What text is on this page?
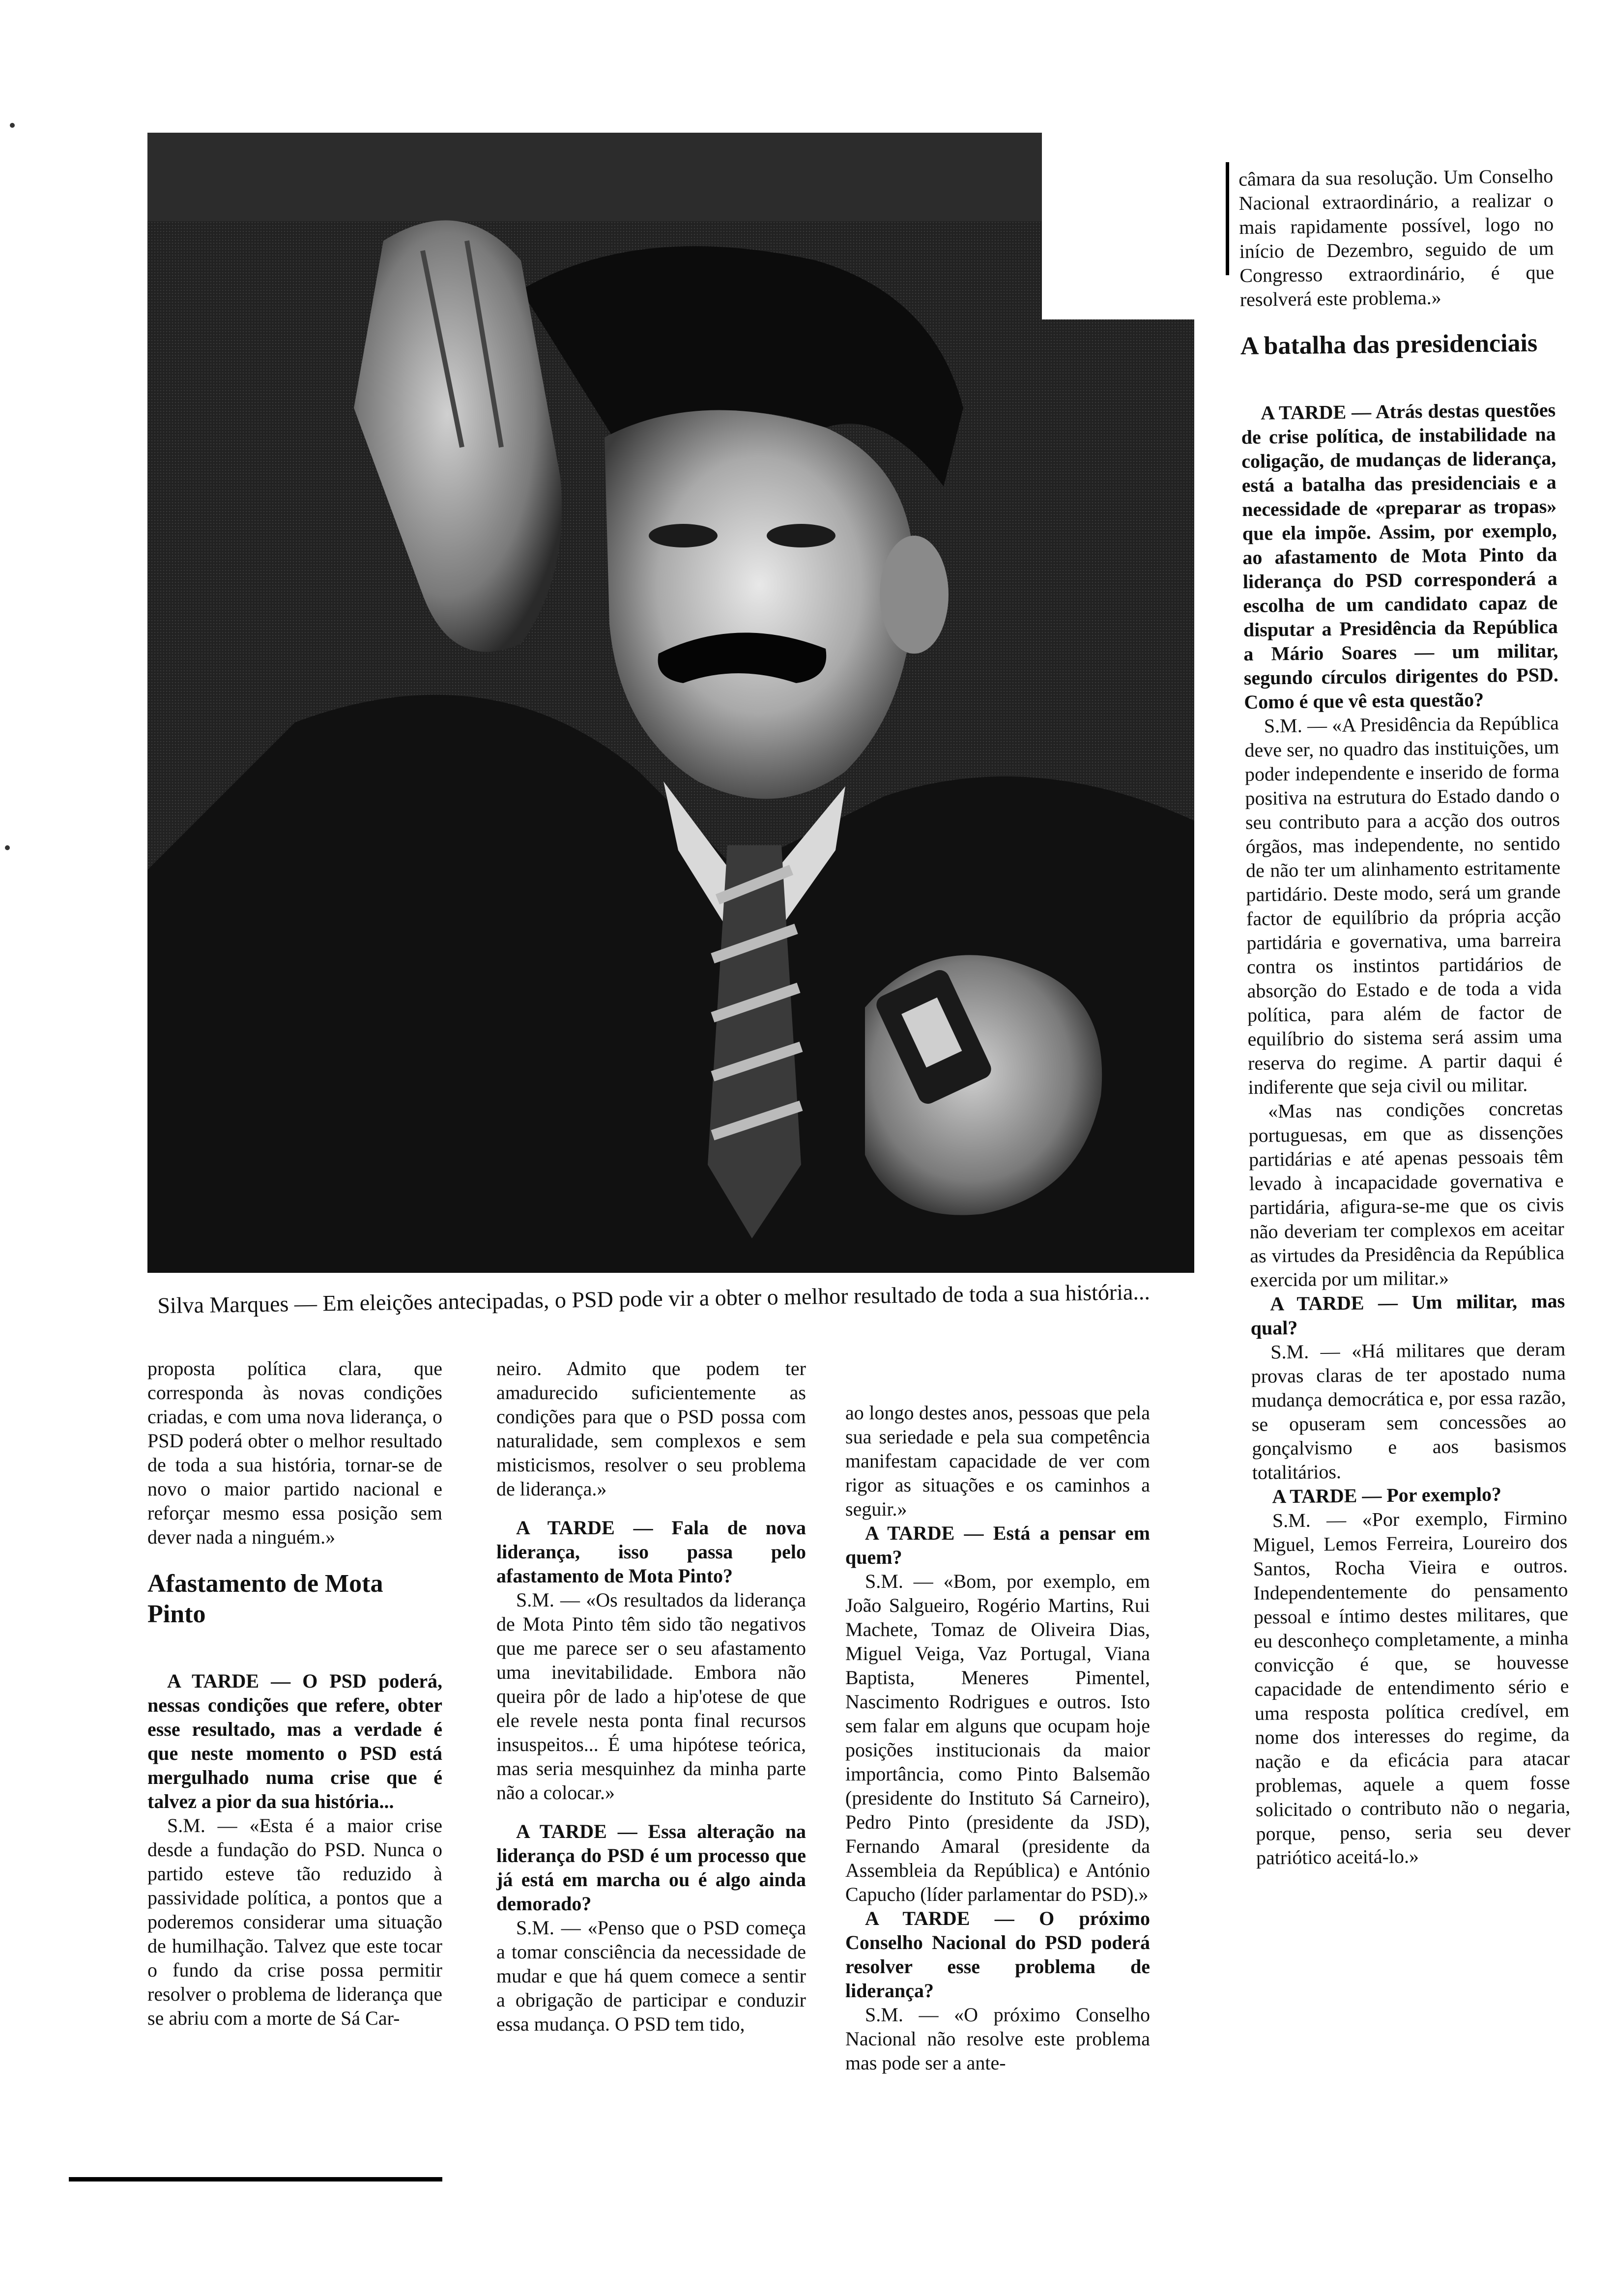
Silva Marques — Em eleições antecipadas, o PSD pode vir a obter o melhor resultado de toda a sua história...

câmara da sua resolução. Um Conselho Nacional extraordinário, a realizar o mais rapidamente possível, logo no início de Dezembro, seguido de um Congresso extraordinário, é que resolverá este problema.»

A batalha das presidenciais

A TARDE — Atrás destas questões de crise política, de instabilidade na coligação, de mudanças de liderança, está a batalha das presidenciais e a necessidade de «preparar as tropas» que ela impõe. Assim, por exemplo, ao afastamento de Mota Pinto da liderança do PSD corresponderá a escolha de um candidato capaz de disputar a Presidência da República a Mário Soares — um militar, segundo círculos dirigentes do PSD. Como é que vê esta questão?

S.M. — «A Presidência da República deve ser, no quadro das instituições, um poder independente e inserido de forma positiva na estrutura do Estado dando o seu contributo para a acção dos outros órgãos, mas independente, no sentido de não ter um alinhamento estritamente partidário. Deste modo, será um grande factor de equilíbrio da própria acção partidária e governativa, uma barreira contra os instintos partidários de absorção do Estado e de toda a vida política, para além de factor de equilíbrio do sistema será assim uma reserva do regime. A partir daqui é indiferente que seja civil ou militar.

«Mas nas condições concretas portuguesas, em que as dissenções partidárias e até apenas pessoais têm levado à incapacidade governativa e partidária, afigura-se-me que os civis não deveriam ter complexos em aceitar as virtudes da Presidência da República exercida por um militar.»

A TARDE — Um militar, mas qual?

S.M. — «Há militares que deram provas claras de ter apostado numa mudança democrática e, por essa razão, se opuseram sem concessões ao gonçalvismo e aos basismos totalitários.

A TARDE — Por exemplo?

S.M. — «Por exemplo, Firmino Miguel, Lemos Ferreira, Loureiro dos Santos, Rocha Vieira e outros. Independentemente do pensamento pessoal e íntimo destes militares, que eu desconheço completamente, a minha convicção é que, se houvesse capacidade de entendimento sério e uma resposta política credível, em nome dos interesses do regime, da nação e da eficácia para atacar problemas, aquele a quem fosse solicitado o contributo não o negaria, porque, penso, seria seu dever patriótico aceitá-lo.»

proposta política clara, que corresponda às novas condições criadas, e com uma nova liderança, o PSD poderá obter o melhor resultado de toda a sua história, tornar-se de novo o maior partido nacional e reforçar mesmo essa posição sem dever nada a ninguém.»

Afastamento de Mota Pinto

A TARDE — O PSD poderá, nessas condições que refere, obter esse resultado, mas a verdade é que neste momento o PSD está mergulhado numa crise que é talvez a pior da sua história...

S.M. — «Esta é a maior crise desde a fundação do PSD. Nunca o partido esteve tão reduzido à passividade política, a pontos que a poderemos considerar uma situação de humilhação. Talvez que este tocar o fundo da crise possa permitir resolver o problema de liderança que se abriu com a morte de Sá Car-

neiro. Admito que podem ter amadurecido suficientemente as condições para que o PSD possa com naturalidade, sem complexos e sem misticismos, resolver o seu problema de liderança.»

A TARDE — Fala de nova liderança, isso passa pelo afastamento de Mota Pinto?

S.M. — «Os resultados da liderança de Mota Pinto têm sido tão negativos que me parece ser o seu afastamento uma inevitabilidade. Embora não queira pôr de lado a hip'otese de que ele revele nesta ponta final recursos insuspeitos... É uma hipótese teórica, mas seria mesquinhez da minha parte não a colocar.»

A TARDE — Essa alteração na liderança do PSD é um processo que já está em marcha ou é algo ainda demorado?

S.M. — «Penso que o PSD começa a tomar consciência da necessidade de mudar e que há quem comece a sentir a obrigação de participar e conduzir essa mudança. O PSD tem tido,

ao longo destes anos, pessoas que pela sua seriedade e pela sua competência manifestam capacidade de ver com rigor as situações e os caminhos a seguir.»

A TARDE — Está a pensar em quem?

S.M. — «Bom, por exemplo, em João Salgueiro, Rogério Martins, Rui Machete, Tomaz de Oliveira Dias, Miguel Veiga, Vaz Portugal, Viana Baptista, Meneres Pimentel, Nascimento Rodrigues e outros. Isto sem falar em alguns que ocupam hoje posições institucionais da maior importância, como Pinto Balsemão (presidente do Instituto Sá Carneiro), Pedro Pinto (presidente da JSD), Fernando Amaral (presidente da Assembleia da República) e António Capucho (líder parlamentar do PSD).»

A TARDE — O próximo Conselho Nacional do PSD poderá resolver esse problema de liderança?

S.M. — «O próximo Conselho Nacional não resolve este problema mas pode ser a ante-
